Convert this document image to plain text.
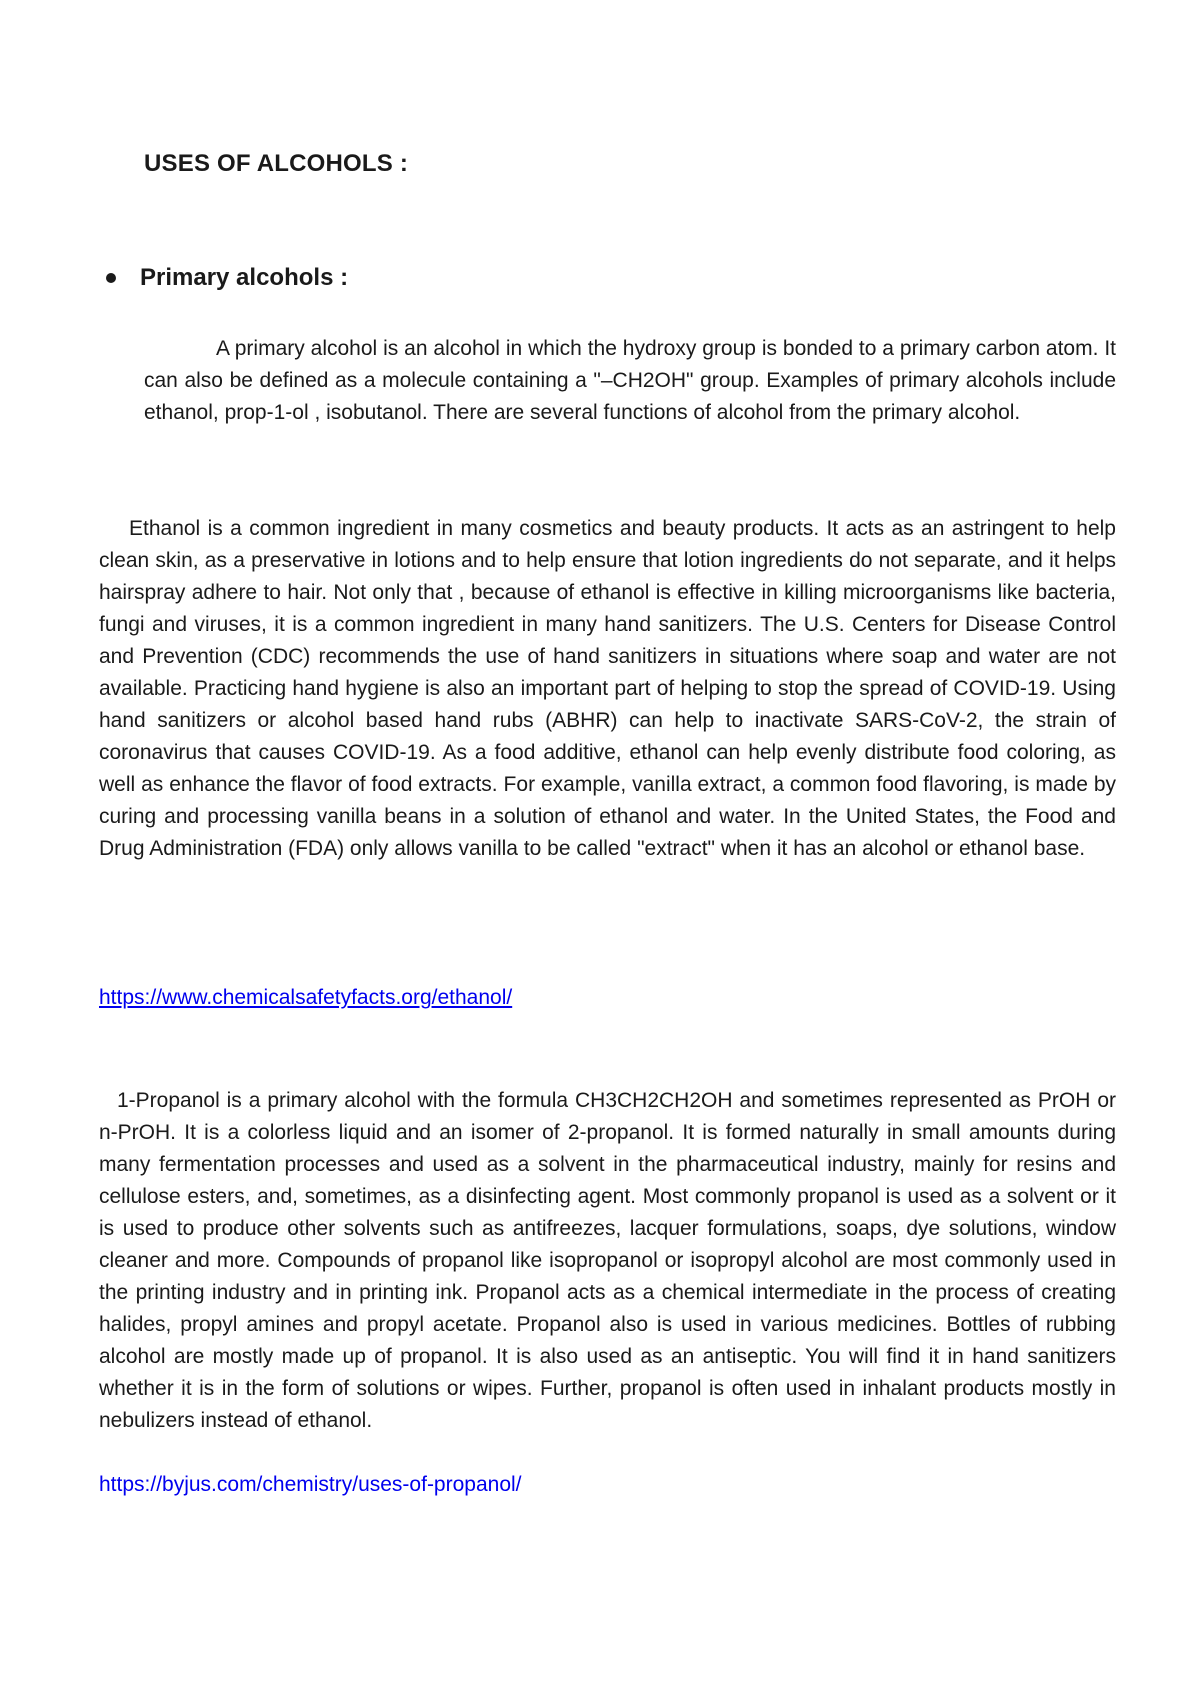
USES OF ALCOHOLS :
Primary alcohols :

A primary alcohol is an alcohol in which the hydroxy group is bonded to a primary carbon atom. It can also be defined as a molecule containing a "–CH2OH" group. Examples of primary alcohols include ethanol, prop-1-ol , isobutanol. There are several functions of alcohol from the primary alcohol.

Ethanol is a common ingredient in many cosmetics and beauty products. It acts as an astringent to help clean skin, as a preservative in lotions and to help ensure that lotion ingredients do not separate, and it helps hairspray adhere to hair. Not only that , because of ethanol is effective in killing microorganisms like bacteria, fungi and viruses, it is a common ingredient in many hand sanitizers. The U.S. Centers for Disease Control and Prevention (CDC) recommends the use of hand sanitizers in situations where soap and water are not available. Practicing hand hygiene is also an important part of helping to stop the spread of COVID-19. Using hand sanitizers or alcohol based hand rubs (ABHR) can help to inactivate SARS-CoV-2, the strain of coronavirus that causes COVID-19. As a food additive, ethanol can help evenly distribute food coloring, as well as enhance the flavor of food extracts. For example, vanilla extract, a common food flavoring, is made by curing and processing vanilla beans in a solution of ethanol and water. In the United States, the Food and Drug Administration (FDA) only allows vanilla to be called "extract" when it has an alcohol or ethanol base.

https://www.chemicalsafetyfacts.org/ethanol/

1-Propanol is a primary alcohol with the formula CH3CH2CH2OH and sometimes represented as PrOH or n-PrOH. It is a colorless liquid and an isomer of 2-propanol. It is formed naturally in small amounts during many fermentation processes and used as a solvent in the pharmaceutical industry, mainly for resins and cellulose esters, and, sometimes, as a disinfecting agent. Most commonly propanol is used as a solvent or it is used to produce other solvents such as antifreezes, lacquer formulations, soaps, dye solutions, window cleaner and more. Compounds of propanol like isopropanol or isopropyl alcohol are most commonly used in the printing industry and in printing ink. Propanol acts as a chemical intermediate in the process of creating halides, propyl amines and propyl acetate. Propanol also is used in various medicines. Bottles of rubbing alcohol are mostly made up of propanol. It is also used as an antiseptic. You will find it in hand sanitizers whether it is in the form of solutions or wipes. Further, propanol is often used in inhalant products mostly in nebulizers instead of ethanol.

https://byjus.com/chemistry/uses-of-propanol/
